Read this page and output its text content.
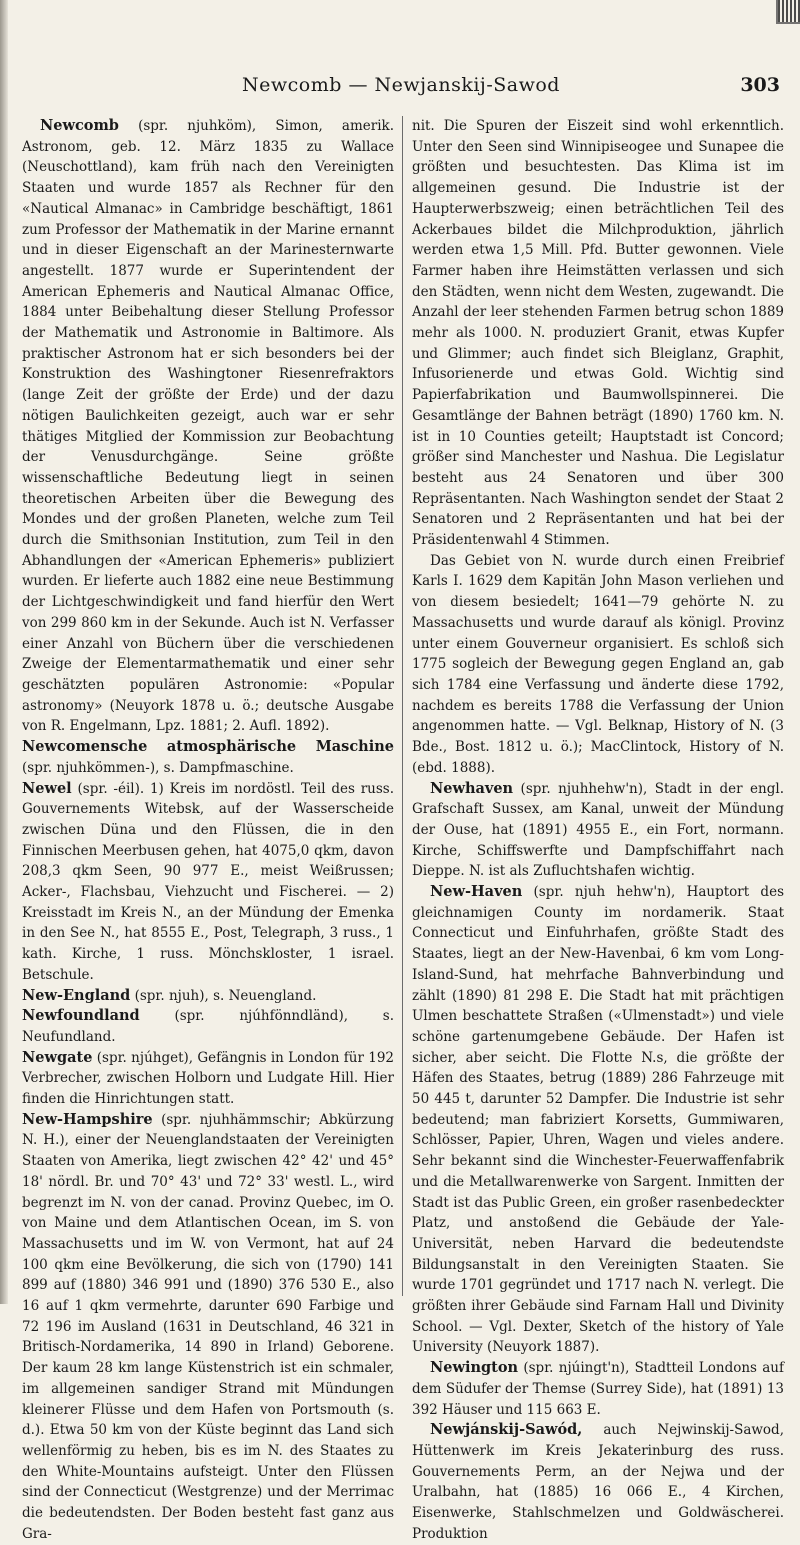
Newcomb — Newjanskij-Sawod	303

Newcomb (spr. njuhköm), Simon, amerik. Astronom, geb. 12. März 1835 zu Wallace (Neuschottland), kam früh nach den Vereinigten Staaten und wurde 1857 als Rechner für den «Nautical Almanac» in Cambridge beschäftigt, 1861 zum Professor der Mathematik in der Marine ernannt und in dieser Eigenschaft an der Marinesternwarte angestellt. 1877 wurde er Superintendent der American Ephemeris and Nautical Almanac Office, 1884 unter Beibehaltung dieser Stellung Professor der Mathematik und Astronomie in Baltimore. Als praktischer Astronom hat er sich besonders bei der Konstruktion des Washingtoner Riesenrefraktors (lange Zeit der größte der Erde) und der dazu nötigen Baulichkeiten gezeigt, auch war er sehr thätiges Mitglied der Kommission zur Beobachtung der Venusdurchgänge. Seine größte wissenschaftliche Bedeutung liegt in seinen theoretischen Arbeiten über die Bewegung des Mondes und der großen Planeten, welche zum Teil durch die Smithsonian Institution, zum Teil in den Abhandlungen der «American Ephemeris» publiziert wurden. Er lieferte auch 1882 eine neue Bestimmung der Lichtgeschwindigkeit und fand hierfür den Wert von 299 860 km in der Sekunde. Auch ist N. Verfasser einer Anzahl von Büchern über die verschiedenen Zweige der Elementarmathematik und einer sehr geschätzten populären Astronomie: «Popular astronomy» (Neuyork 1878 u. ö.; deutsche Ausgabe von R. Engelmann, Lpz. 1881; 2. Aufl. 1892).

Newcomensche atmosphärische Maschine (spr. njuhkömmen-), s. Dampfmaschine.

Newel (spr. -éil). 1) Kreis im nordöstl. Teil des russ. Gouvernements Witebsk, auf der Wasserscheide zwischen Düna und den Flüssen, die in den Finnischen Meerbusen gehen, hat 4075,0 qkm, davon 208,3 qkm Seen, 90 977 E., meist Weißrussen; Acker-, Flachsbau, Viehzucht und Fischerei. — 2) Kreisstadt im Kreis N., an der Mündung der Emenka in den See N., hat 8555 E., Post, Telegraph, 3 russ., 1 kath. Kirche, 1 russ. Mönchskloster, 1 israel. Betschule.

New-England (spr. njuh), s. Neuengland.

Newfoundland (spr. njúhfönndländ), s. Neufundland.

Newgate (spr. njúhget), Gefängnis in London für 192 Verbrecher, zwischen Holborn und Ludgate Hill. Hier finden die Hinrichtungen statt.

New-Hampshire (spr. njuhhämmschir; Abkürzung N. H.), einer der Neuenglandstaaten der Vereinigten Staaten von Amerika, liegt zwischen 42° 42' und 45° 18' nördl. Br. und 70° 43' und 72° 33' westl. L., wird begrenzt im N. von der canad. Provinz Quebec, im O. von Maine und dem Atlantischen Ocean, im S. von Massachusetts und im W. von Vermont, hat auf 24 100 qkm eine Bevölkerung, die sich von (1790) 141 899 auf (1880) 346 991 und (1890) 376 530 E., also 16 auf 1 qkm vermehrte, darunter 690 Farbige und 72 196 im Ausland (1631 in Deutschland, 46 321 in Britisch-Nordamerika, 14 890 in Irland) Geborene. Der kaum 28 km lange Küstenstrich ist ein schmaler, im allgemeinen sandiger Strand mit Mündungen kleinerer Flüsse und dem Hafen von Portsmouth (s. d.). Etwa 50 km von der Küste beginnt das Land sich wellenförmig zu heben, bis es im N. des Staates zu den White-Mountains aufsteigt. Unter den Flüssen sind der Connecticut (Westgrenze) und der Merrimac die bedeutendsten. Der Boden besteht fast ganz aus Gra-

nit. Die Spuren der Eiszeit sind wohl erkenntlich. Unter den Seen sind Winnipiseogee und Sunapee die größten und besuchtesten. Das Klima ist im allgemeinen gesund. Die Industrie ist der Haupterwerbszweig; einen beträchtlichen Teil des Ackerbaues bildet die Milchproduktion, jährlich werden etwa 1,5 Mill. Pfd. Butter gewonnen. Viele Farmer haben ihre Heimstätten verlassen und sich den Städten, wenn nicht dem Westen, zugewandt. Die Anzahl der leer stehenden Farmen betrug schon 1889 mehr als 1000. N. produziert Granit, etwas Kupfer und Glimmer; auch findet sich Bleiglanz, Graphit, Infusorienerde und etwas Gold. Wichtig sind Papierfabrikation und Baumwollspinnerei. Die Gesamtlänge der Bahnen beträgt (1890) 1760 km. N. ist in 10 Counties geteilt; Hauptstadt ist Concord; größer sind Manchester und Nashua. Die Legislatur besteht aus 24 Senatoren und über 300 Repräsentanten. Nach Washington sendet der Staat 2 Senatoren und 2 Repräsentanten und hat bei der Präsidentenwahl 4 Stimmen.

Das Gebiet von N. wurde durch einen Freibrief Karls I. 1629 dem Kapitän John Mason verliehen und von diesem besiedelt; 1641—79 gehörte N. zu Massachusetts und wurde darauf als königl. Provinz unter einem Gouverneur organisiert. Es schloß sich 1775 sogleich der Bewegung gegen England an, gab sich 1784 eine Verfassung und änderte diese 1792, nachdem es bereits 1788 die Verfassung der Union angenommen hatte. — Vgl. Belknap, History of N. (3 Bde., Bost. 1812 u. ö.); MacClintock, History of N. (ebd. 1888).

Newhaven (spr. njuhhehw'n), Stadt in der engl. Grafschaft Sussex, am Kanal, unweit der Mündung der Ouse, hat (1891) 4955 E., ein Fort, normann. Kirche, Schiffswerfte und Dampfschiffahrt nach Dieppe. N. ist als Zufluchtshafen wichtig.

New-Haven (spr. njuh hehw'n), Hauptort des gleichnamigen County im nordamerik. Staat Connecticut und Einfuhrhafen, größte Stadt des Staates, liegt an der New-Havenbai, 6 km vom Long-Island-Sund, hat mehrfache Bahnverbindung und zählt (1890) 81 298 E. Die Stadt hat mit prächtigen Ulmen beschattete Straßen («Ulmenstadt») und viele schöne gartenumgebene Gebäude. Der Hafen ist sicher, aber seicht. Die Flotte N.s, die größte der Häfen des Staates, betrug (1889) 286 Fahrzeuge mit 50 445 t, darunter 52 Dampfer. Die Industrie ist sehr bedeutend; man fabriziert Korsetts, Gummiwaren, Schlösser, Papier, Uhren, Wagen und vieles andere. Sehr bekannt sind die Winchester-Feuerwaffenfabrik und die Metallwarenwerke von Sargent. Inmitten der Stadt ist das Public Green, ein großer rasenbedeckter Platz, und anstoßend die Gebäude der Yale-Universität, neben Harvard die bedeutendste Bildungsanstalt in den Vereinigten Staaten. Sie wurde 1701 gegründet und 1717 nach N. verlegt. Die größten ihrer Gebäude sind Farnam Hall und Divinity School. — Vgl. Dexter, Sketch of the history of Yale University (Neuyork 1887).

Newington (spr. njúingt'n), Stadtteil Londons auf dem Südufer der Themse (Surrey Side), hat (1891) 13 392 Häuser und 115 663 E.

Newjánskij-Sawód, auch Nejwinskij-Sawod, Hüttenwerk im Kreis Jekaterinburg des russ. Gouvernements Perm, an der Nejwa und der Uralbahn, hat (1885) 16 066 E., 4 Kirchen, Eisenwerke, Stahlschmelzen und Goldwäscherei. Produktion
